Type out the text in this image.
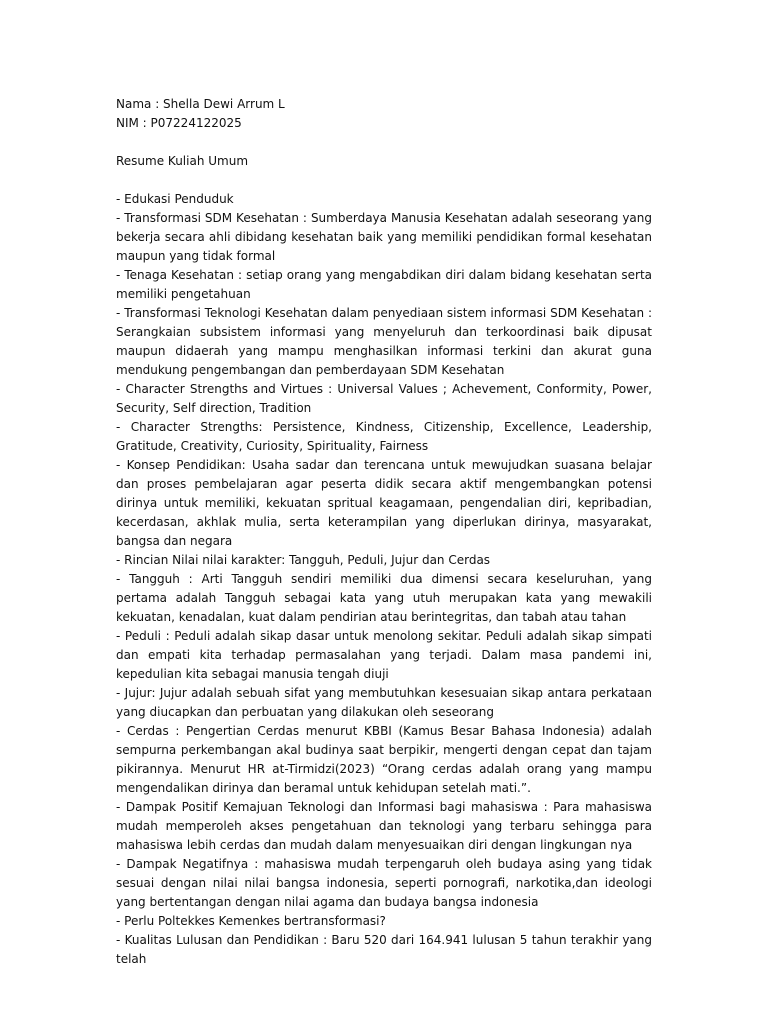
Nama : Shella Dewi Arrum L
NIM : P07224122025
Resume Kuliah Umum

- Edukasi Penduduk

- Transformasi SDM Kesehatan : Sumberdaya Manusia Kesehatan adalah seseorang yang bekerja secara ahli dibidang kesehatan baik yang memiliki pendidikan formal kesehatan maupun yang tidak formal

- Tenaga Kesehatan : setiap orang yang mengabdikan diri dalam bidang kesehatan serta memiliki pengetahuan

- Transformasi Teknologi Kesehatan dalam penyediaan sistem informasi SDM Kesehatan : Serangkaian subsistem informasi yang menyeluruh dan terkoordinasi baik dipusat maupun didaerah yang mampu menghasilkan informasi terkini dan akurat guna mendukung pengembangan dan pemberdayaan SDM Kesehatan

- Character Strengths and Virtues : Universal Values ; Achevement, Conformity, Power, Security, Self direction, Tradition

- Character Strengths: Persistence, Kindness, Citizenship, Excellence, Leadership, Gratitude, Creativity, Curiosity, Spirituality, Fairness

- Konsep Pendidikan: Usaha sadar dan terencana untuk mewujudkan suasana belajar dan proses pembelajaran agar peserta didik secara aktif mengembangkan potensi dirinya untuk memiliki, kekuatan spritual keagamaan, pengendalian diri, kepribadian, kecerdasan, akhlak mulia, serta keterampilan yang diperlukan dirinya, masyarakat, bangsa dan negara

- Rincian Nilai nilai karakter: Tangguh, Peduli, Jujur dan Cerdas

- Tangguh : Arti Tangguh sendiri memiliki dua dimensi secara keseluruhan, yang pertama adalah Tangguh sebagai kata yang utuh merupakan kata yang mewakili kekuatan, kenadalan, kuat dalam pendirian atau berintegritas, dan tabah atau tahan

- Peduli : Peduli adalah sikap dasar untuk menolong sekitar. Peduli adalah sikap simpati dan empati kita terhadap permasalahan yang terjadi. Dalam masa pandemi ini, kepedulian kita sebagai manusia tengah diuji

- Jujur: Jujur adalah sebuah sifat yang membutuhkan kesesuaian sikap antara perkataan yang diucapkan dan perbuatan yang dilakukan oleh seseorang

- Cerdas : Pengertian Cerdas menurut KBBI (Kamus Besar Bahasa Indonesia) adalah sempurna perkembangan akal budinya saat berpikir, mengerti dengan cepat dan tajam pikirannya. Menurut HR at-Tirmidzi(2023) “Orang cerdas adalah orang yang mampu mengendalikan dirinya dan beramal untuk kehidupan setelah mati.”.

- Dampak Positif Kemajuan Teknologi dan Informasi bagi mahasiswa : Para mahasiswa mudah memperoleh akses pengetahuan dan teknologi yang terbaru sehingga para mahasiswa lebih cerdas dan mudah dalam menyesuaikan diri dengan lingkungan nya

- Dampak Negatifnya : mahasiswa mudah terpengaruh oleh budaya asing yang tidak sesuai dengan nilai nilai bangsa indonesia, seperti pornografi, narkotika,dan ideologi yang bertentangan dengan nilai agama dan budaya bangsa indonesia

- Perlu Poltekkes Kemenkes bertransformasi?

- Kualitas Lulusan dan Pendidikan : Baru 520 dari 164.941 lulusan 5 tahun terakhir yang telah
